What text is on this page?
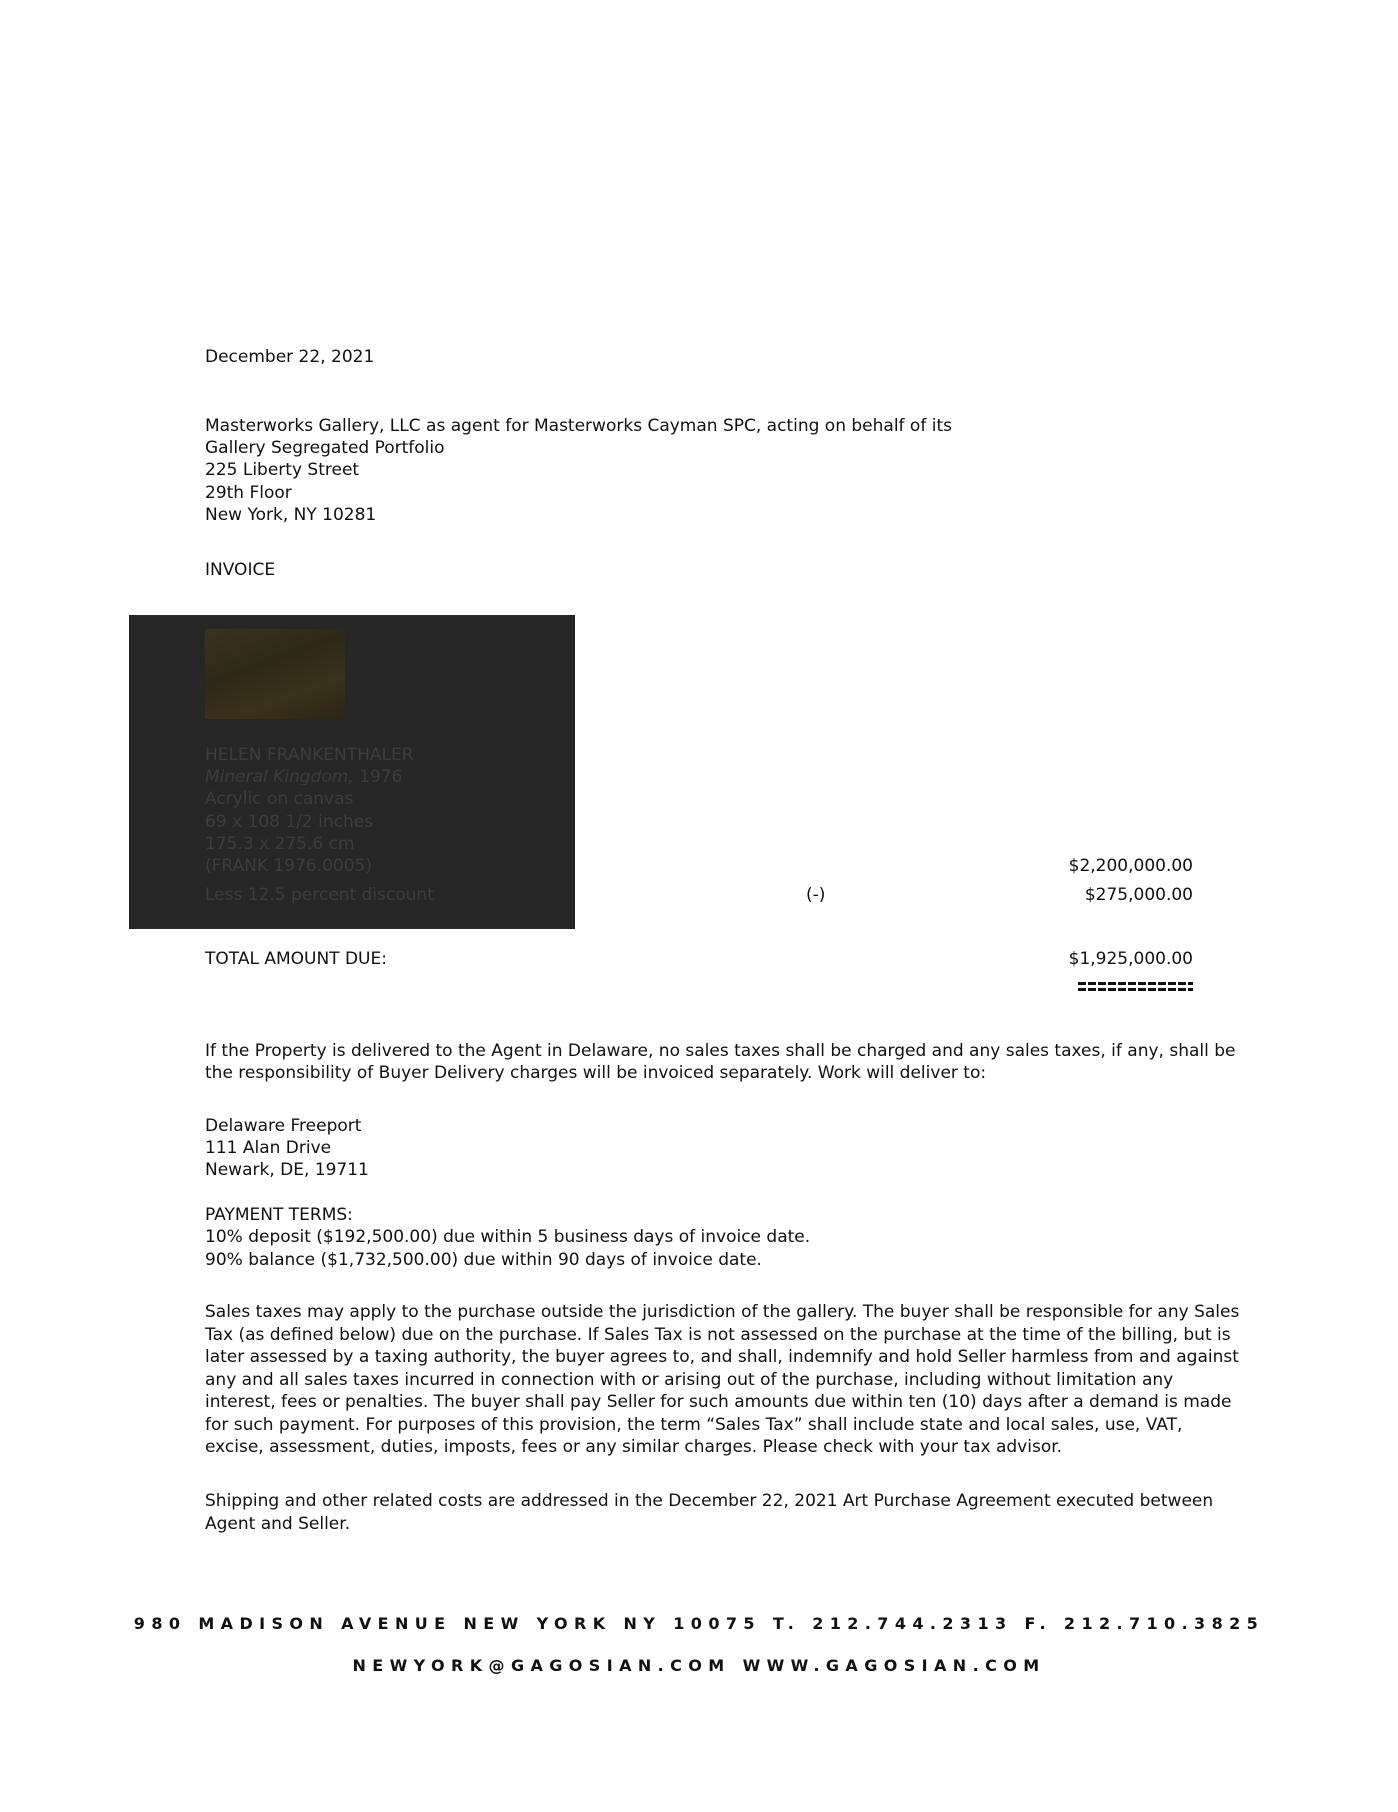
December 22, 2021
Masterworks Gallery, LLC as agent for Masterworks Cayman SPC, acting on behalf of its
Gallery Segregated Portfolio
225 Liberty Street
29th Floor
New York, NY 10281
INVOICE
HELEN FRANKENTHALER
Mineral Kingdom, 1976
Acrylic on canvas
69 x 108 1/2 inches
175.3 x 275.6 cm
(FRANK 1976.0005)
Less 12.5 percent discount
$2,200,000.00
(-)	$275,000.00
TOTAL AMOUNT DUE:	$1,925,000.00
If the Property is delivered to the Agent in Delaware, no sales taxes shall be charged and any sales taxes, if any, shall be
the responsibility of Buyer Delivery charges will be invoiced separately. Work will deliver to:
Delaware Freeport
111 Alan Drive
Newark, DE, 19711
PAYMENT TERMS:
10% deposit ($192,500.00) due within 5 business days of invoice date.
90% balance ($1,732,500.00) due within 90 days of invoice date.
Sales taxes may apply to the purchase outside the jurisdiction of the gallery. The buyer shall be responsible for any Sales
Tax (as defined below) due on the purchase. If Sales Tax is not assessed on the purchase at the time of the billing, but is
later assessed by a taxing authority, the buyer agrees to, and shall, indemnify and hold Seller harmless from and against
any and all sales taxes incurred in connection with or arising out of the purchase, including without limitation any
interest, fees or penalties. The buyer shall pay Seller for such amounts due within ten (10) days after a demand is made
for such payment. For purposes of this provision, the term “Sales Tax” shall include state and local sales, use, VAT,
excise, assessment, duties, imposts, fees or any similar charges. Please check with your tax advisor.
Shipping and other related costs are addressed in the December 22, 2021 Art Purchase Agreement executed between
Agent and Seller.
980 MADISON AVENUE NEW YORK NY 10075 T. 212.744.2313 F. 212.710.3825
NEWYORK@GAGOSIAN.COM WWW.GAGOSIAN.COM
